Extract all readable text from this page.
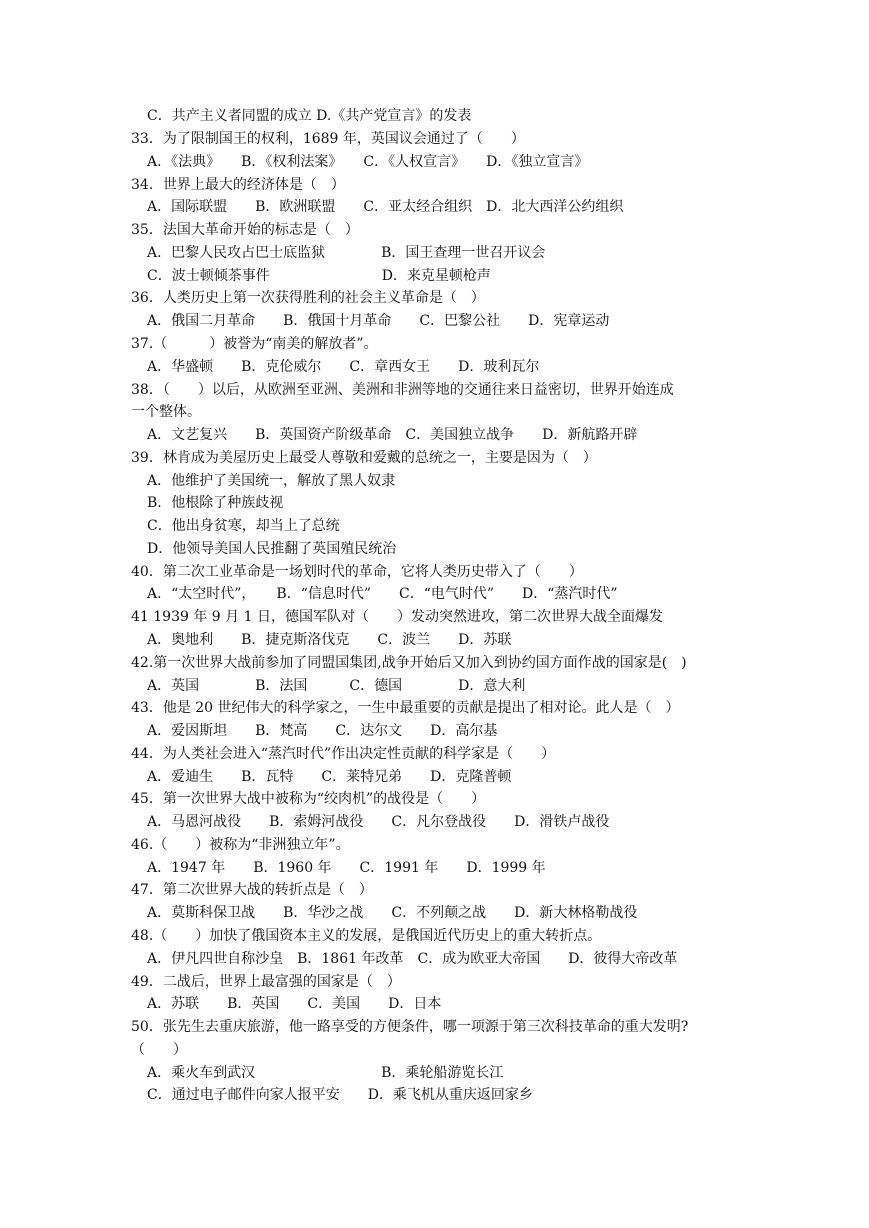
C．共产主义者同盟的成立 D.《共产党宣言》的发表
33．为了限制国王的权利，1689 年，英国议会通过了（　　）
A．《法典》　　B．《权利法案》　　C．《人权宣言》　　D．《独立宣言》
34．世界上最大的经济体是（　）
A．国际联盟　　B．欧洲联盟　　C．亚太经合组织　D．北大西洋公约组织
35．法国大革命开始的标志是（　）
A．巴黎人民攻占巴士底监狱　　　　B．国王查理一世召开议会
C．波士顿倾茶事件　　　　　　　　D．来克星顿枪声
36．人类历史上第一次获得胜利的社会主义革命是（　）
A．俄国二月革命　　B．俄国十月革命　　C．巴黎公社　　D．宪章运动
37.（　　　）被誉为“南美的解放者”。
A．华盛顿　　B．克伦威尔　　C．章西女王　　D．玻利瓦尔
38．（　　）以后，从欧洲至亚洲、美洲和非洲等地的交通往来日益密切，世界开始连成
一个整体。
A．文艺复兴　　B．英国资产阶级革命　C．美国独立战争　　D．新航路开辟
39．林肯成为美屋历史上最受人尊敬和爱戴的总统之一，主要是因为（　）
A．他维护了美国统一，解放了黑人奴隶
B．他根除了种族歧视
C．他出身贫寒，却当上了总统
D．他领导美国人民推翻了英国殖民统治
40．第二次工业革命是一场划时代的革命，它将人类历史带入了（　　）
A．“太空时代”，　　B．“信息时代”　　C．“电气时代”　　D．“蒸汽时代”
41 1939 年 9 月 1 日，德国军队对（　　）发动突然进攻，第二次世界大战全面爆发
A．奥地利　　B．捷克斯洛伐克　　C．波兰　　D．苏联
42.第一次世界大战前参加了同盟国集团,战争开始后又加入到协约国方面作战的国家是(　)
A．英国　　　　B．法国　　　C．德国　　　　D．意大利
43．他是 20 世纪伟大的科学家之，一生中最重要的贡献是提出了相对论。此人是（　）
A．爱因斯坦　　B．梵高　　C．达尔文　　D．高尔基
44．为人类社会进入“蒸汽时代”作出决定性贡献的科学家是（　　）
A．爱迪生　　B．瓦特　　C．莱特兄弟　　D．克隆普顿
45．第一次世界大战中被称为“绞肉机”的战役是（　　）
A．马恩河战役　　B．索姆河战役　　C．凡尔登战役　　D．滑铁卢战役
46.（　　）被称为“非洲独立年”。
A．1947 年　　B．1960 年　　C．1991 年　　D．1999 年
47．第二次世界大战的转折点是（　）
A．莫斯科保卫战　　B．华沙之战　　C．不列颠之战　　D．新大林格勒战役
48.（　　）加快了俄国资本主义的发展，是俄国近代历史上的重大转折点。
A．伊凡四世自称沙皇　B．1861 年改革　C．成为欧亚大帝国　　D．彼得大帝改革
49．二战后，世界上最富强的国家是（　）
A．苏联　　B．英国　　C．美国　　D．日本
50．张先生去重庆旅游，他一路享受的方便条件，哪一项源于第三次科技革命的重大发明?
（　　）
A．乘火车到武汉　　　　　　　　　B．乘轮船游览长江
C．通过电子邮件向家人报平安　　D．乘飞机从重庆返回家乡
